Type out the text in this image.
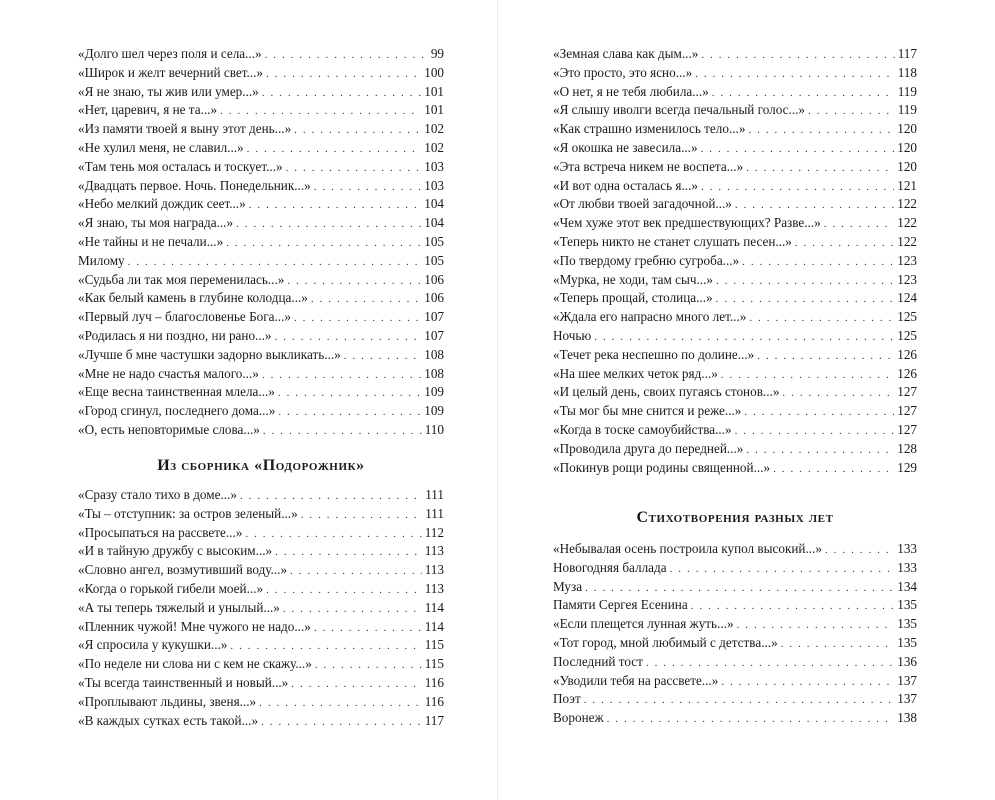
«Долго шел через поля и села...» . . .	99
«Широк и желт вечерний свет...» . . .	100
«Я не знаю, ты жив или умер...» . . .	101
«Нет, царевич, я не та...» . . .	101
«Из памяти твоей я выну этот день...» . . .	102
«Не хулил меня, не славил...» . . .	102
«Там тень моя осталась и тоскует...» . . .	103
«Двадцать первое. Ночь. Понедельник...» . . .	103
«Небо мелкий дождик сеет...» . . .	104
«Я знаю, ты моя награда...» . . .	104
«Не тайны и не печали...» . . .	105
Милому . . .	105
«Судьба ли так моя переменилась...» . . .	106
«Как белый камень в глубине колодца...» . . .	106
«Первый луч – благословенье Бога...» . . .	107
«Родилась я ни поздно, ни рано...» . . .	107
«Лучше б мне частушки задорно выкликать...» . . .	108
«Мне не надо счастья малого...» . . .	108
«Еще весна таинственная млела...» . . .	109
«Город сгинул, последнего дома...» . . .	109
«О, есть неповторимые слова...» . . .	110
Из сборника «Подорожник»
«Сразу стало тихо в доме...» . . .	111
«Ты – отступник: за остров зеленый...» . . .	111
«Просыпаться на рассвете...» . . .	112
«И в тайную дружбу с высоким...» . . .	113
«Словно ангел, возмутивший воду...» . . .	113
«Когда о горькой гибели моей...» . . .	113
«А ты теперь тяжелый и унылый...» . . .	114
«Пленник чужой! Мне чужого не надо...» . . .	114
«Я спросила у кукушки...» . . .	115
«По неделе ни слова ни с кем не скажу...» . . .	115
«Ты всегда таинственный и новый...» . . .	116
«Проплывают льдины, звеня...» . . .	116
«В каждых сутках есть такой...» . . .	117
«Земная слава как дым...» . . .	117
«Это просто, это ясно...» . . .	118
«О нет, я не тебя любила...» . . .	119
«Я слышу иволги всегда печальный голос...» . . .	119
«Как страшно изменилось тело...» . . .	120
«Я окошка не завесила...» . . .	120
«Эта встреча никем не воспета...» . . .	120
«И вот одна осталась я...» . . .	121
«От любви твоей загадочной...» . . .	122
«Чем хуже этот век предшествующих? Разве...» . . .	122
«Теперь никто не станет слушать песен...» . . .	122
«По твердому гребню сугроба...» . . .	123
«Мурка, не ходи, там сыч...» . . .	123
«Теперь прощай, столица...» . . .	124
«Ждала его напрасно много лет...» . . .	125
Ночью . . .	125
«Течет река неспешно по долине...» . . .	126
«На шее мелких четок ряд...» . . .	126
«И целый день, своих пугаясь стонов...» . . .	127
«Ты мог бы мне снится и реже...» . . .	127
«Когда в тоске самоубийства...» . . .	127
«Проводила друга до передней...» . . .	128
«Покинув рощи родины священной...» . . .	129
Стихотворения разных лет
«Небывалая осень построила купол высокий...» . . .	133
Новогодняя баллада . . .	133
Муза . . .	134
Памяти Сергея Есенина . . .	135
«Если плещется лунная жуть...» . . .	135
«Тот город, мной любимый с детства...» . . .	135
Последний тост . . .	136
«Уводили тебя на рассвете...» . . .	137
Поэт . . .	137
Воронеж . . .	138
